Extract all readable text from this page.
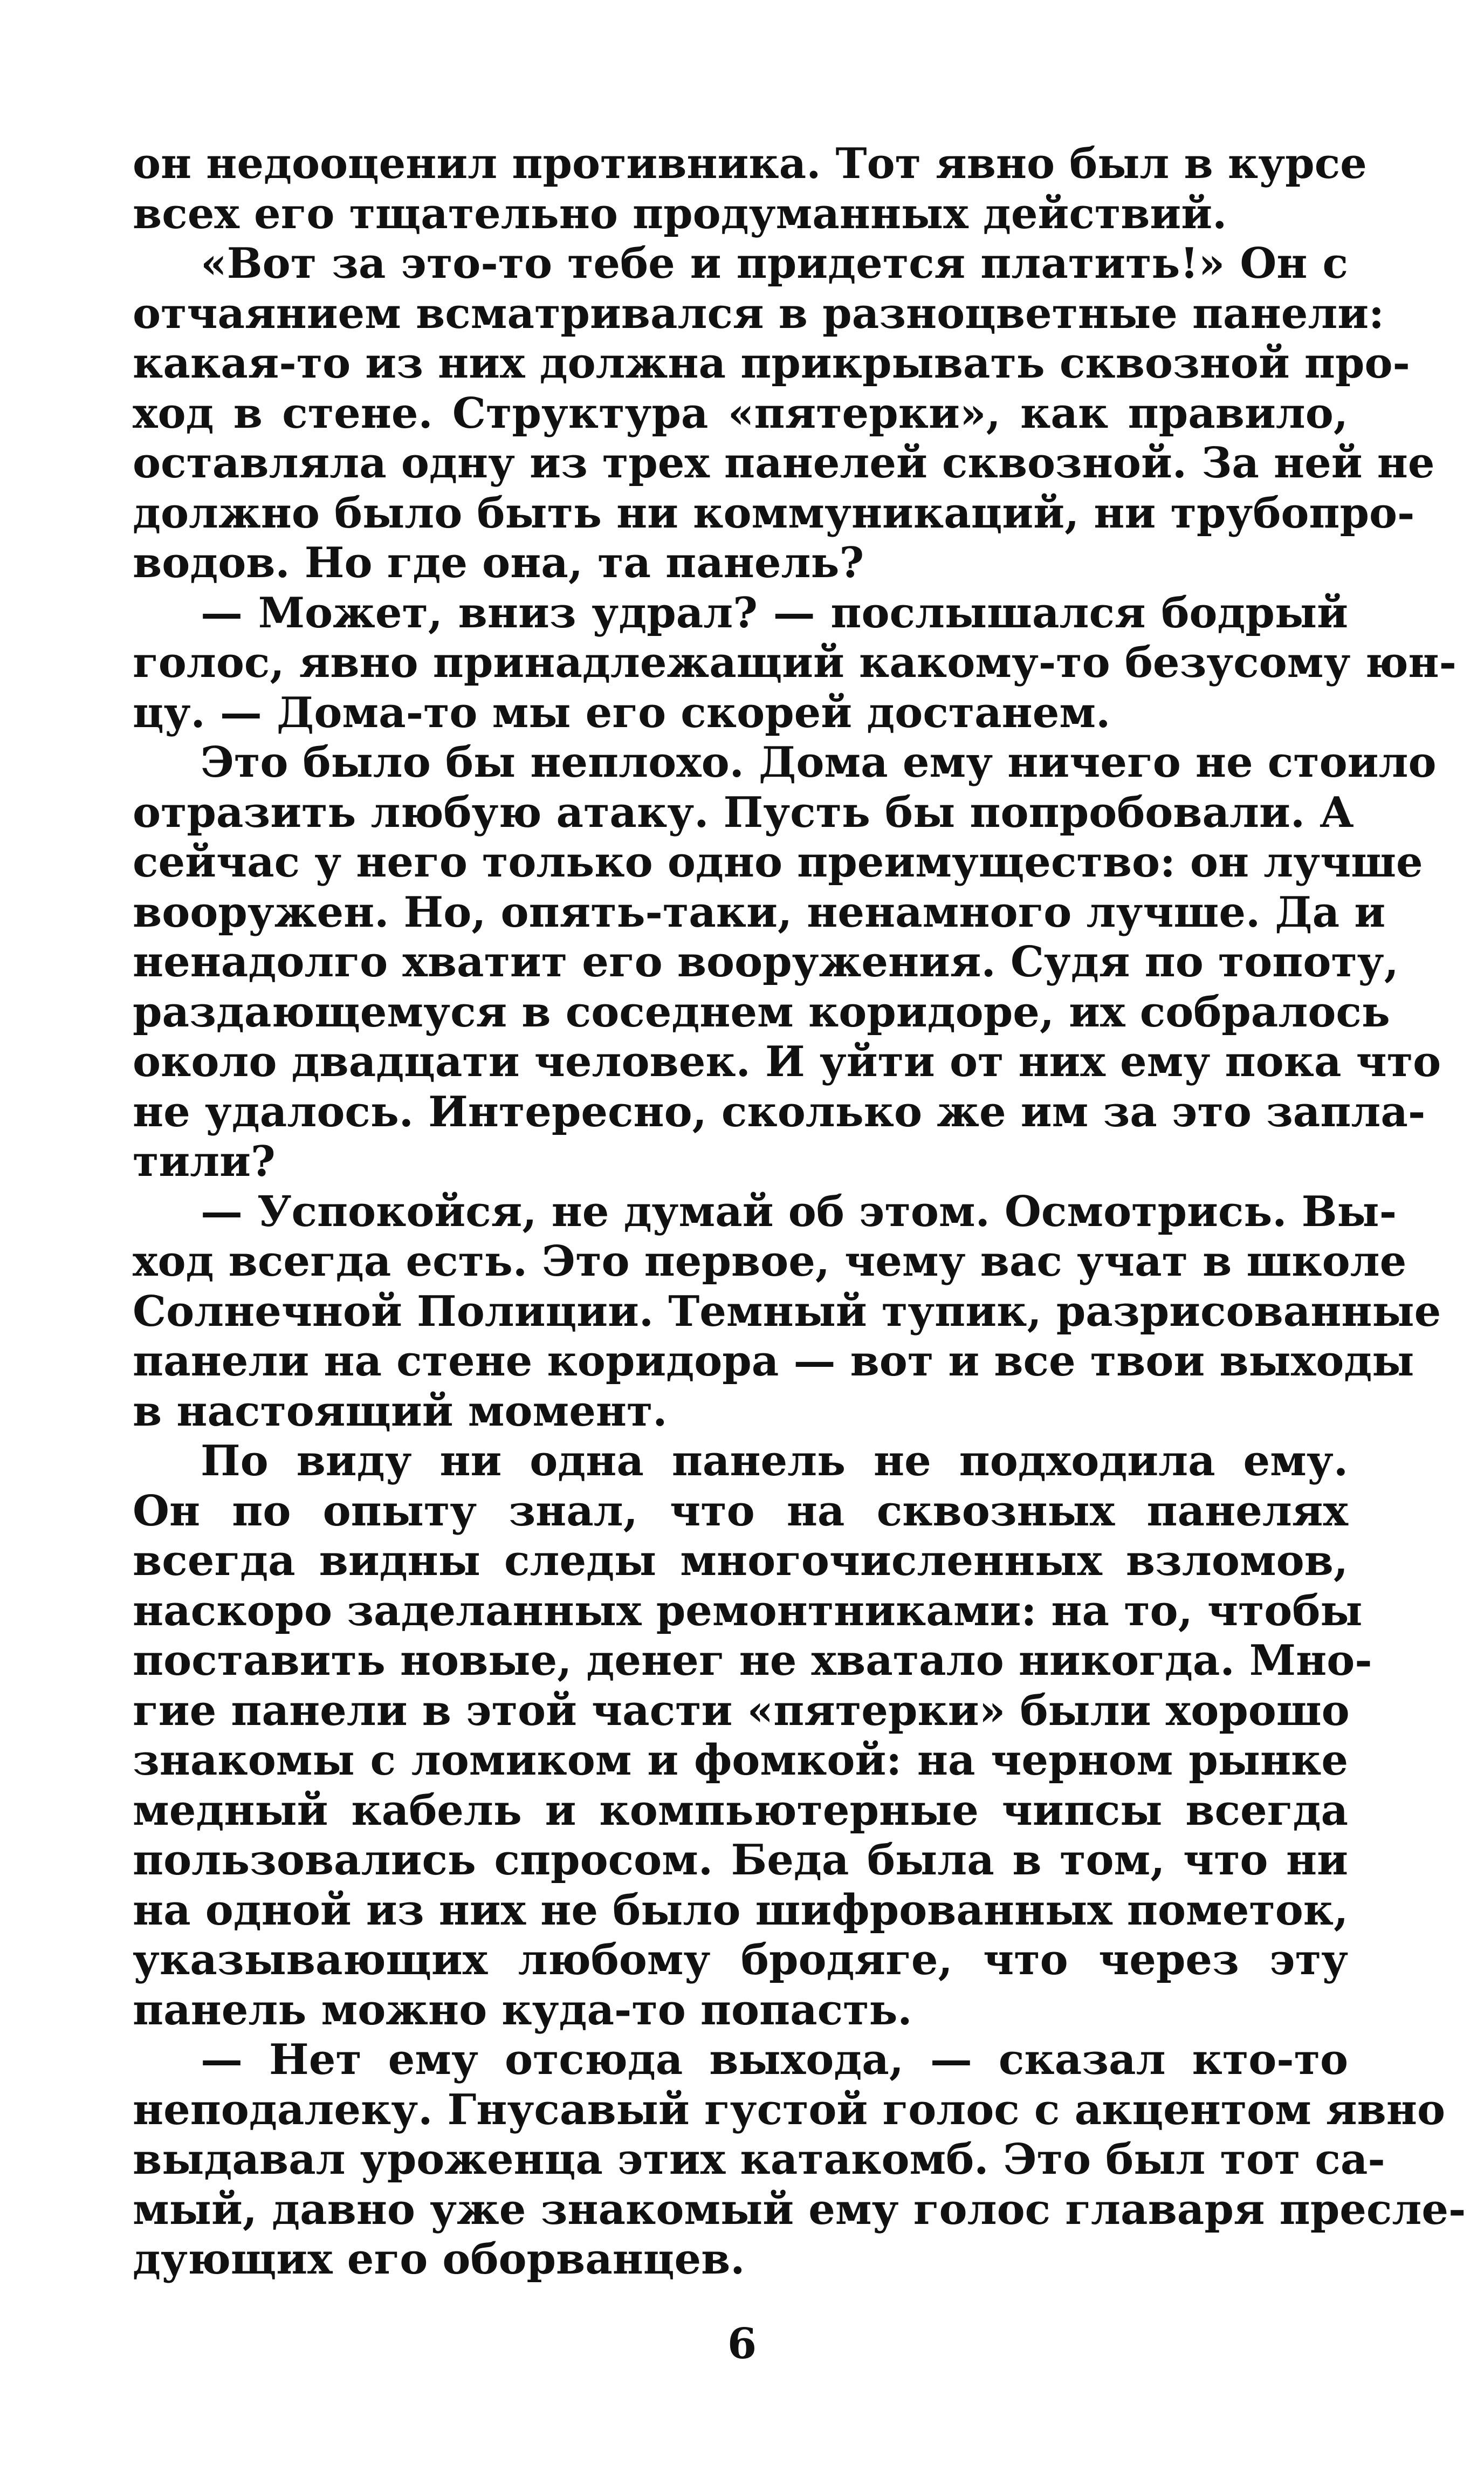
он недооценил противника. Тот явно был в курсе
всех его тщательно продуманных действий.
«Вот за это-то тебе и придется платить!» Он с
отчаянием всматривался в разноцветные панели:
какая-то из них должна прикрывать сквозной про-
ход в стене. Структура «пятерки», как правило,
оставляла одну из трех панелей сквозной. За ней не
должно было быть ни коммуникаций, ни трубопро-
водов. Но где она, та панель?
— Может, вниз удрал? — послышался бодрый
голос, явно принадлежащий какому-то безусому юн-
цу. — Дома-то мы его скорей достанем.
Это было бы неплохо. Дома ему ничего не стоило
отразить любую атаку. Пусть бы попробовали. А
сейчас у него только одно преимущество: он лучше
вооружен. Но, опять-таки, ненамного лучше. Да и
ненадолго хватит его вооружения. Судя по топоту,
раздающемуся в соседнем коридоре, их собралось
около двадцати человек. И уйти от них ему пока что
не удалось. Интересно, сколько же им за это запла-
тили?
— Успокойся, не думай об этом. Осмотрись. Вы-
ход всегда есть. Это первое, чему вас учат в школе
Солнечной Полиции. Темный тупик, разрисованные
панели на стене коридора — вот и все твои выходы
в настоящий момент.
По виду ни одна панель не подходила ему.
Он по опыту знал, что на сквозных панелях
всегда видны следы многочисленных взломов,
наскоро заделанных ремонтниками: на то, чтобы
поставить новые, денег не хватало никогда. Мно-
гие панели в этой части «пятерки» были хорошо
знакомы с ломиком и фомкой: на черном рынке
медный кабель и компьютерные чипсы всегда
пользовались спросом. Беда была в том, что ни
на одной из них не было шифрованных пометок,
указывающих любому бродяге, что через эту
панель можно куда-то попасть.
— Нет ему отсюда выхода, — сказал кто-то
неподалеку. Гнусавый густой голос с акцентом явно
выдавал уроженца этих катакомб. Это был тот са-
мый, давно уже знакомый ему голос главаря пресле-
дующих его оборванцев.
6
